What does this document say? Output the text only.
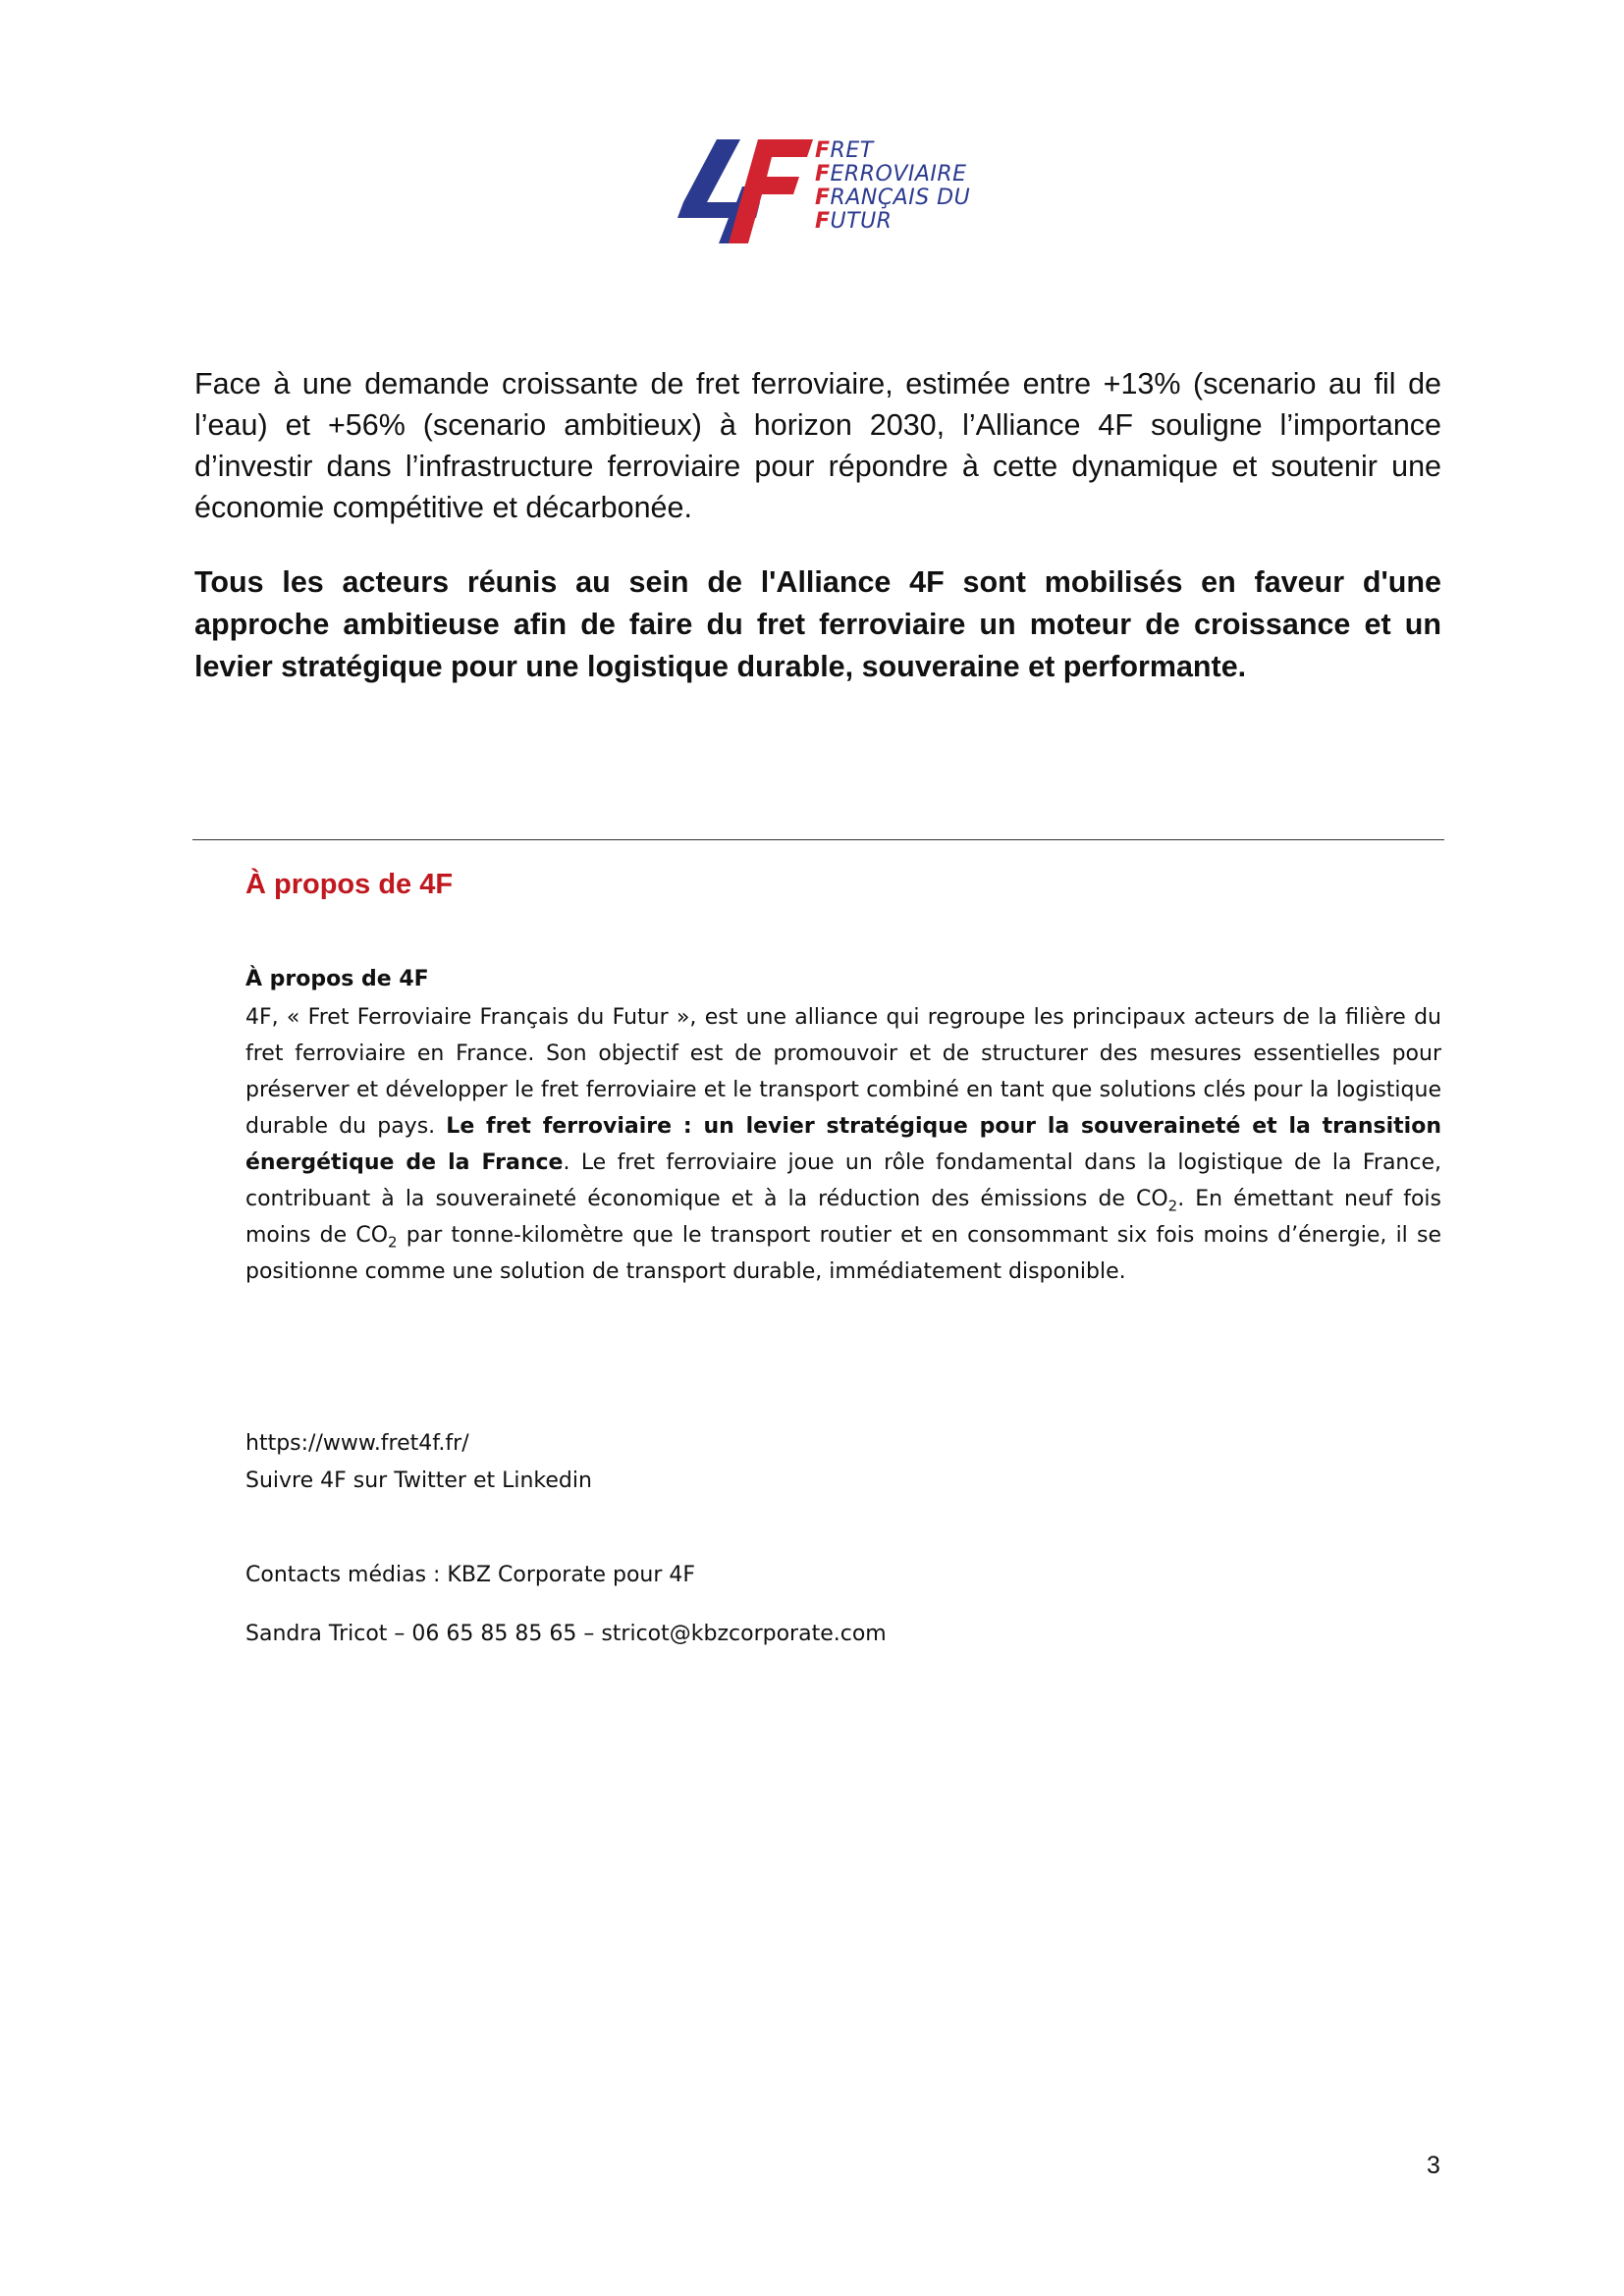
FRET
FERROVIAIRE
FRANÇAIS DU
FUTUR

Face à une demande croissante de fret ferroviaire, estimée entre +13% (scenario au fil de l’eau) et +56% (scenario ambitieux) à horizon 2030, l’Alliance 4F souligne l’importance d’investir dans l’infrastructure ferroviaire pour répondre à cette dynamique et soutenir une économie compétitive et décarbonée.

Tous les acteurs réunis au sein de l'Alliance 4F sont mobilisés en faveur d'une approche ambitieuse afin de faire du fret ferroviaire un moteur de croissance et un levier stratégique pour une logistique durable, souveraine et performante.

À propos de 4F
À propos de 4F

4F, « Fret Ferroviaire Français du Futur », est une alliance qui regroupe les principaux acteurs de la filière du fret ferroviaire en France. Son objectif est de promouvoir et de structurer des mesures essentielles pour préserver et développer le fret ferroviaire et le transport combiné en tant que solutions clés pour la logistique durable du pays. Le fret ferroviaire : un levier stratégique pour la souveraineté et la transition énergétique de la France. Le fret ferroviaire joue un rôle fondamental dans la logistique de la France, contribuant à la souveraineté économique et à la réduction des émissions de $CO_2$. En émettant neuf fois moins de $CO_2$ par tonne-kilomètre que le transport routier et en consommant six fois moins d’énergie, il se positionne comme une solution de transport durable, immédiatement disponible.

https://www.fret4f.fr/

Suivre 4F sur Twitter et Linkedin

Contacts médias : KBZ Corporate pour 4F

Sandra Tricot – 06 65 85 85 65 – stricot@kbzcorporate.com

3
